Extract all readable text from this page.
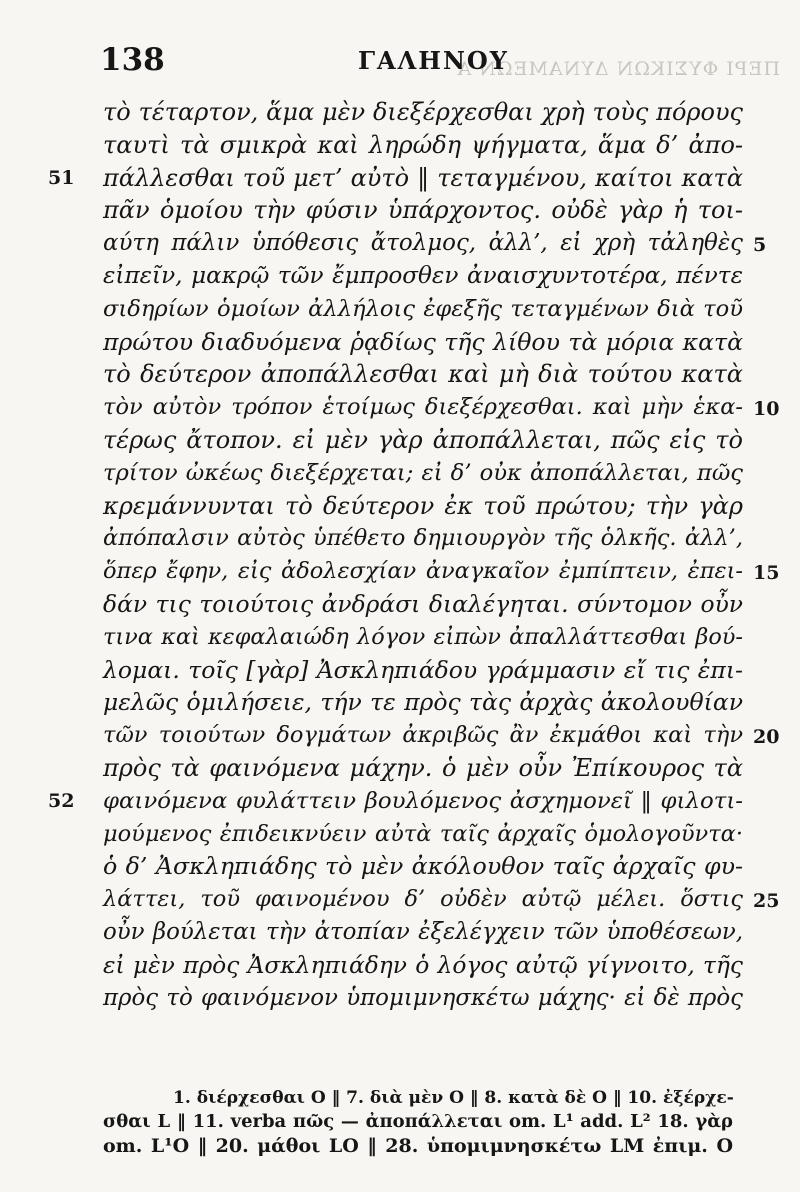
ΠΕΡΙ ΦΥΣΙΚΩΝ ΔΥΝΑΜΕΩΝ Α
138	ΓΑΛΗΝΟΥ
τὸ τέταρτον, ἅμα μὲν διεξέρχεσθαι χρὴ τοὺς πόρους
ταυτὶ τὰ σμικρὰ καὶ ληρώδη ψήγματα, ἅμα δ’ ἀπο-
πάλλεσθαι τοῦ μετ’ αὐτὸ ‖ τεταγμένου, καίτοι κατὰ
51
πᾶν ὁμοίου τὴν φύσιν ὑπάρχοντος. οὐδὲ γὰρ ἡ τοι-
αύτη πάλιν ὑπόθεσις ἄτολμος, ἀλλ’, εἰ χρὴ τἀληθὲς 5
εἰπεῖν, μακρῷ τῶν ἔμπροσθεν ἀναισχυντοτέρα, πέντε
σιδηρίων ὁμοίων ἀλλήλοις ἐφεξῆς τεταγμένων διὰ τοῦ
πρώτου διαδυόμενα ῥᾳδίως τῆς λίθου τὰ μόρια κατὰ
τὸ δεύτερον ἀποπάλλεσθαι καὶ μὴ διὰ τούτου κατὰ
τὸν αὐτὸν τρόπον ἑτοίμως διεξέρχεσθαι. καὶ μὴν ἑκα- 10
τέρως ἄτοπον. εἰ μὲν γὰρ ἀποπάλλεται, πῶς εἰς τὸ
τρίτον ὠκέως διεξέρχεται; εἰ δ’ οὐκ ἀποπάλλεται, πῶς
κρεμάννυνται τὸ δεύτερον ἐκ τοῦ πρώτου; τὴν γὰρ
ἀπόπαλσιν αὐτὸς ὑπέθετο δημιουργὸν τῆς ὁλκῆς. ἀλλ’,
ὅπερ ἔφην, εἰς ἀδολεσχίαν ἀναγκαῖον ἐμπίπτειν, ἐπει- 15
δάν τις τοιούτοις ἀνδράσι διαλέγηται. σύντομον οὖν
τινα καὶ κεφαλαιώδη λόγον εἰπὼν ἀπαλλάττεσθαι βού-
λομαι. τοῖς [γὰρ] Ἀσκληπιάδου γράμμασιν εἴ τις ἐπι-
μελῶς ὁμιλήσειε, τήν τε πρὸς τὰς ἀρχὰς ἀκολουθίαν
τῶν τοιούτων δογμάτων ἀκριβῶς ἂν ἐκμάθοι καὶ τὴν 20
πρὸς τὰ φαινόμενα μάχην. ὁ μὲν οὖν Ἐπίκουρος τὰ
φαινόμενα φυλάττειν βουλόμενος ἀσχημονεῖ ‖ φιλοτι-
52
μούμενος ἐπιδεικνύειν αὐτὰ ταῖς ἀρχαῖς ὁμολογοῦντα·
ὁ δ’ Ἀσκληπιάδης τὸ μὲν ἀκόλουθον ταῖς ἀρχαῖς φυ-
λάττει, τοῦ φαινομένου δ’ οὐδὲν αὐτῷ μέλει. ὅστις 25
οὖν βούλεται τὴν ἀτοπίαν ἐξελέγχειν τῶν ὑποθέσεων,
εἰ μὲν πρὸς Ἀσκληπιάδην ὁ λόγος αὐτῷ γίγνοιτο, τῆς
πρὸς τὸ φαινόμενον ὑπομιμνησκέτω μάχης· εἰ δὲ πρὸς
1. διέρχεσθαι O ‖ 7. διὰ μὲν O ‖ 8. κατὰ δὲ O ‖ 10. ἐξέρχε-
σθαι L ‖ 11. verba πῶς — ἀποπάλλεται om. L¹ add. L² 18. γὰρ
om. L¹O ‖ 20. μάθοι LO ‖ 28. ὑπομιμνησκέτω LM ἐπιμ. O
